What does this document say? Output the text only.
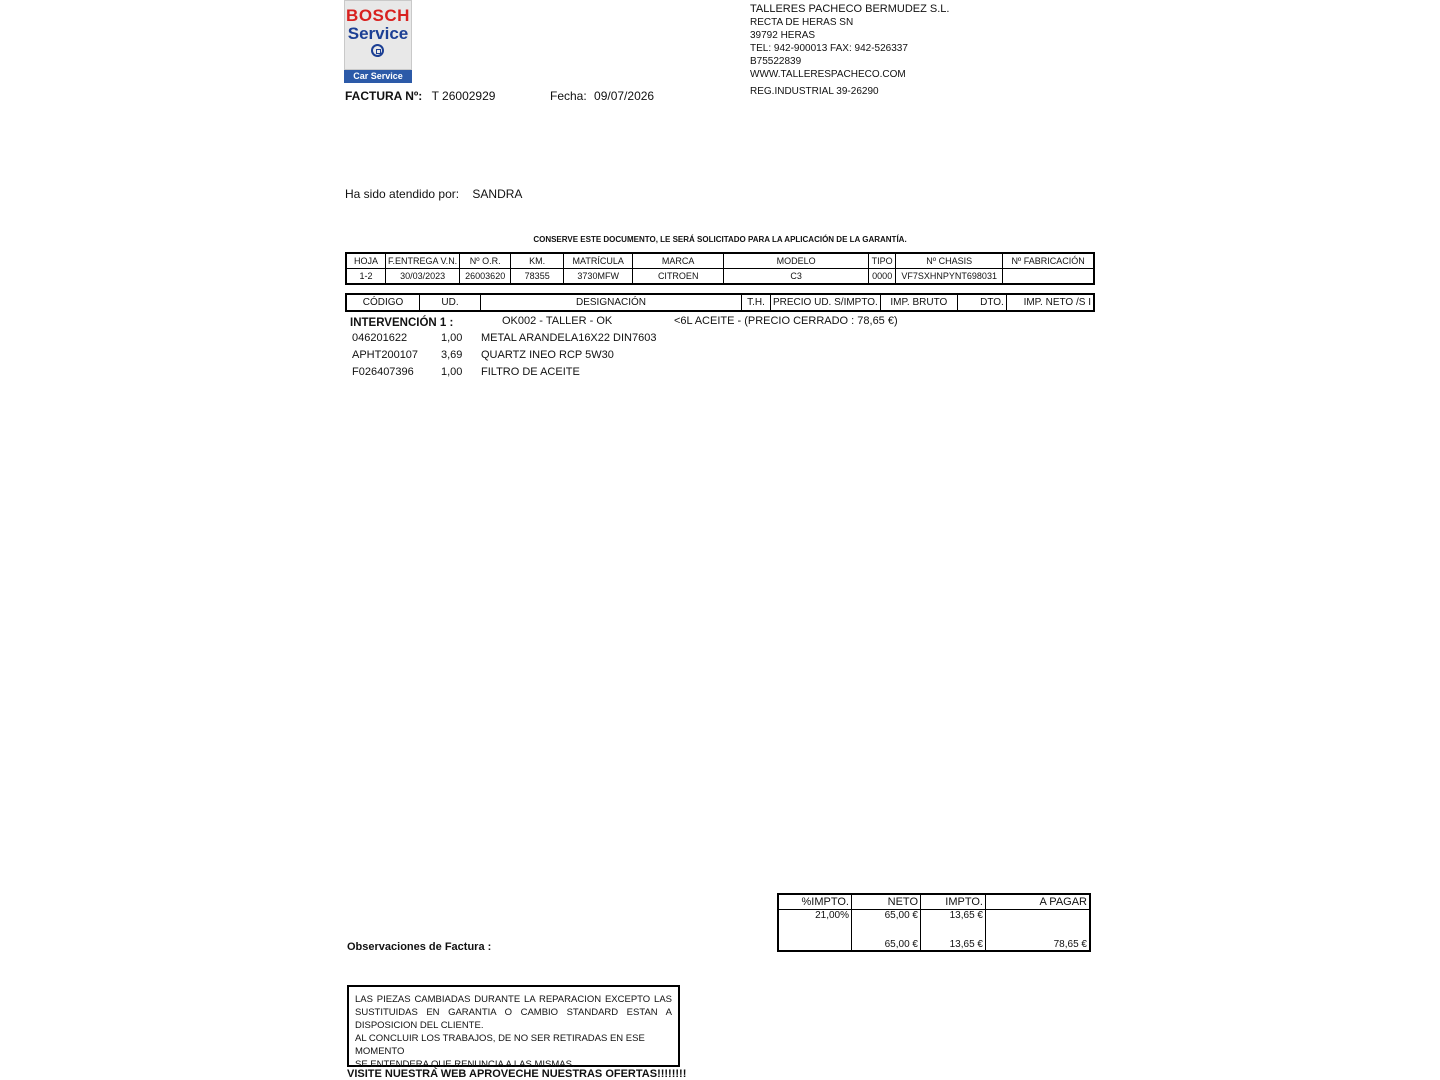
BOSCH
Service
Car Service
TALLERES PACHECO BERMUDEZ S.L.
RECTA DE HERAS SN
39792 HERAS
TEL: 942-900013 FAX: 942-526337
B75522839
WWW.TALLERESPACHECO.COM
REG.INDUSTRIAL 39-26290
FACTURA Nº: T 26002929	Fecha: 09/07/2026
Ha sido atendido por: SANDRA
CONSERVE ESTE DOCUMENTO, LE SERÁ SOLICITADO PARA LA APLICACIÓN DE LA GARANTÍA.
HOJA	F.ENTREGA V.N.	Nº O.R.	KM.	MATRÍCULA	MARCA	MODELO	TIPO	Nº CHASIS	Nº FABRICACIÓN
1-2	30/03/2023	26003620	78355	3730MFW	CITROEN	C3	0000	VF7SXHNPYNT698031	
CÓDIGO	UD.	DESIGNACIÓN	T.H.	PRECIO UD. S/IMPTO.	IMP. BRUTO	DTO.	IMP. NETO /S I
INTERVENCIÓN 1 :	OK002 - TALLER - OK	<6L ACEITE - (PRECIO CERRADO : 78,65 €)
046201622	1,00 METAL ARANDELA16X22 DIN7603
APHT200107 3,69 QUARTZ INEO RCP 5W30
F026407396 1,00 FILTRO DE ACEITE
%IMPTO.	NETO	IMPTO.	A PAGAR
21,00%	65,00 €	13,65 €	
	65,00 €	13,65 €	78,65 €
Observaciones de Factura :
LAS PIEZAS CAMBIADAS DURANTE LA REPARACION EXCEPTO LAS
SUSTITUIDAS EN GARANTIA O CAMBIO STANDARD ESTAN A
DISPOSICION DEL CLIENTE.
AL CONCLUIR LOS TRABAJOS, DE NO SER RETIRADAS EN ESE MOMENTO
SE ENTENDERA QUE RENUNCIA A LAS MISMAS.
VISITE NUESTRA WEB APROVECHE NUESTRAS OFERTAS!!!!!!!!
